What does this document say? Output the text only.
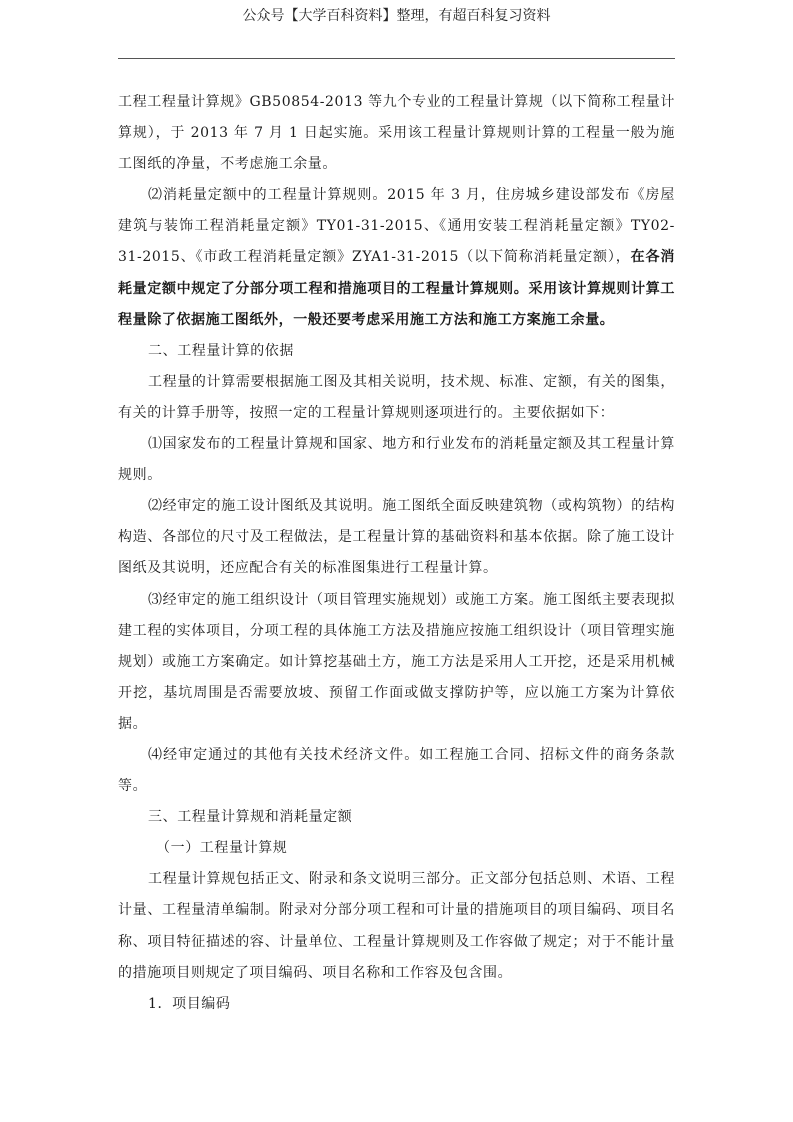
公众号【大学百科资料】整理，有超百科复习资料

工程工程量计算规》GB50854-2013 等九个专业的工程量计算规（以下简称工程量计算规），于 2013 年 7 月 1 日起实施。采用该工程量计算规则计算的工程量一般为施工图纸的净量，不考虑施工余量。

⑵消耗量定额中的工程量计算规则。2015 年 3 月，住房城乡建设部发布《房屋建筑与装饰工程消耗量定额》TY01-31-2015、《通用安装工程消耗量定额》TY02-31-2015、《市政工程消耗量定额》ZYA1-31-2015（以下简称消耗量定额），在各消耗量定额中规定了分部分项工程和措施项目的工程量计算规则。采用该计算规则计算工程量除了依据施工图纸外，一般还要考虑采用施工方法和施工方案施工余量。

二、工程量计算的依据

工程量的计算需要根据施工图及其相关说明，技术规、标准、定额，有关的图集，有关的计算手册等，按照一定的工程量计算规则逐项进行的。主要依据如下：

⑴国家发布的工程量计算规和国家、地方和行业发布的消耗量定额及其工程量计算规则。

⑵经审定的施工设计图纸及其说明。施工图纸全面反映建筑物（或构筑物）的结构构造、各部位的尺寸及工程做法，是工程量计算的基础资料和基本依据。除了施工设计图纸及其说明，还应配合有关的标准图集进行工程量计算。

⑶经审定的施工组织设计（项目管理实施规划）或施工方案。施工图纸主要表现拟建工程的实体项目，分项工程的具体施工方法及措施应按施工组织设计（项目管理实施规划）或施工方案确定。如计算挖基础土方，施工方法是采用人工开挖，还是采用机械开挖，基坑周围是否需要放坡、预留工作面或做支撑防护等，应以施工方案为计算依据。

⑷经审定通过的其他有关技术经济文件。如工程施工合同、招标文件的商务条款等。

三、工程量计算规和消耗量定额

（一）工程量计算规

工程量计算规包括正文、附录和条文说明三部分。正文部分包括总则、术语、工程计量、工程量清单编制。附录对分部分项工程和可计量的措施项目的项目编码、项目名称、项目特征描述的容、计量单位、工程量计算规则及工作容做了规定；对于不能计量的措施项目则规定了项目编码、项目名称和工作容及包含围。

1．项目编码
